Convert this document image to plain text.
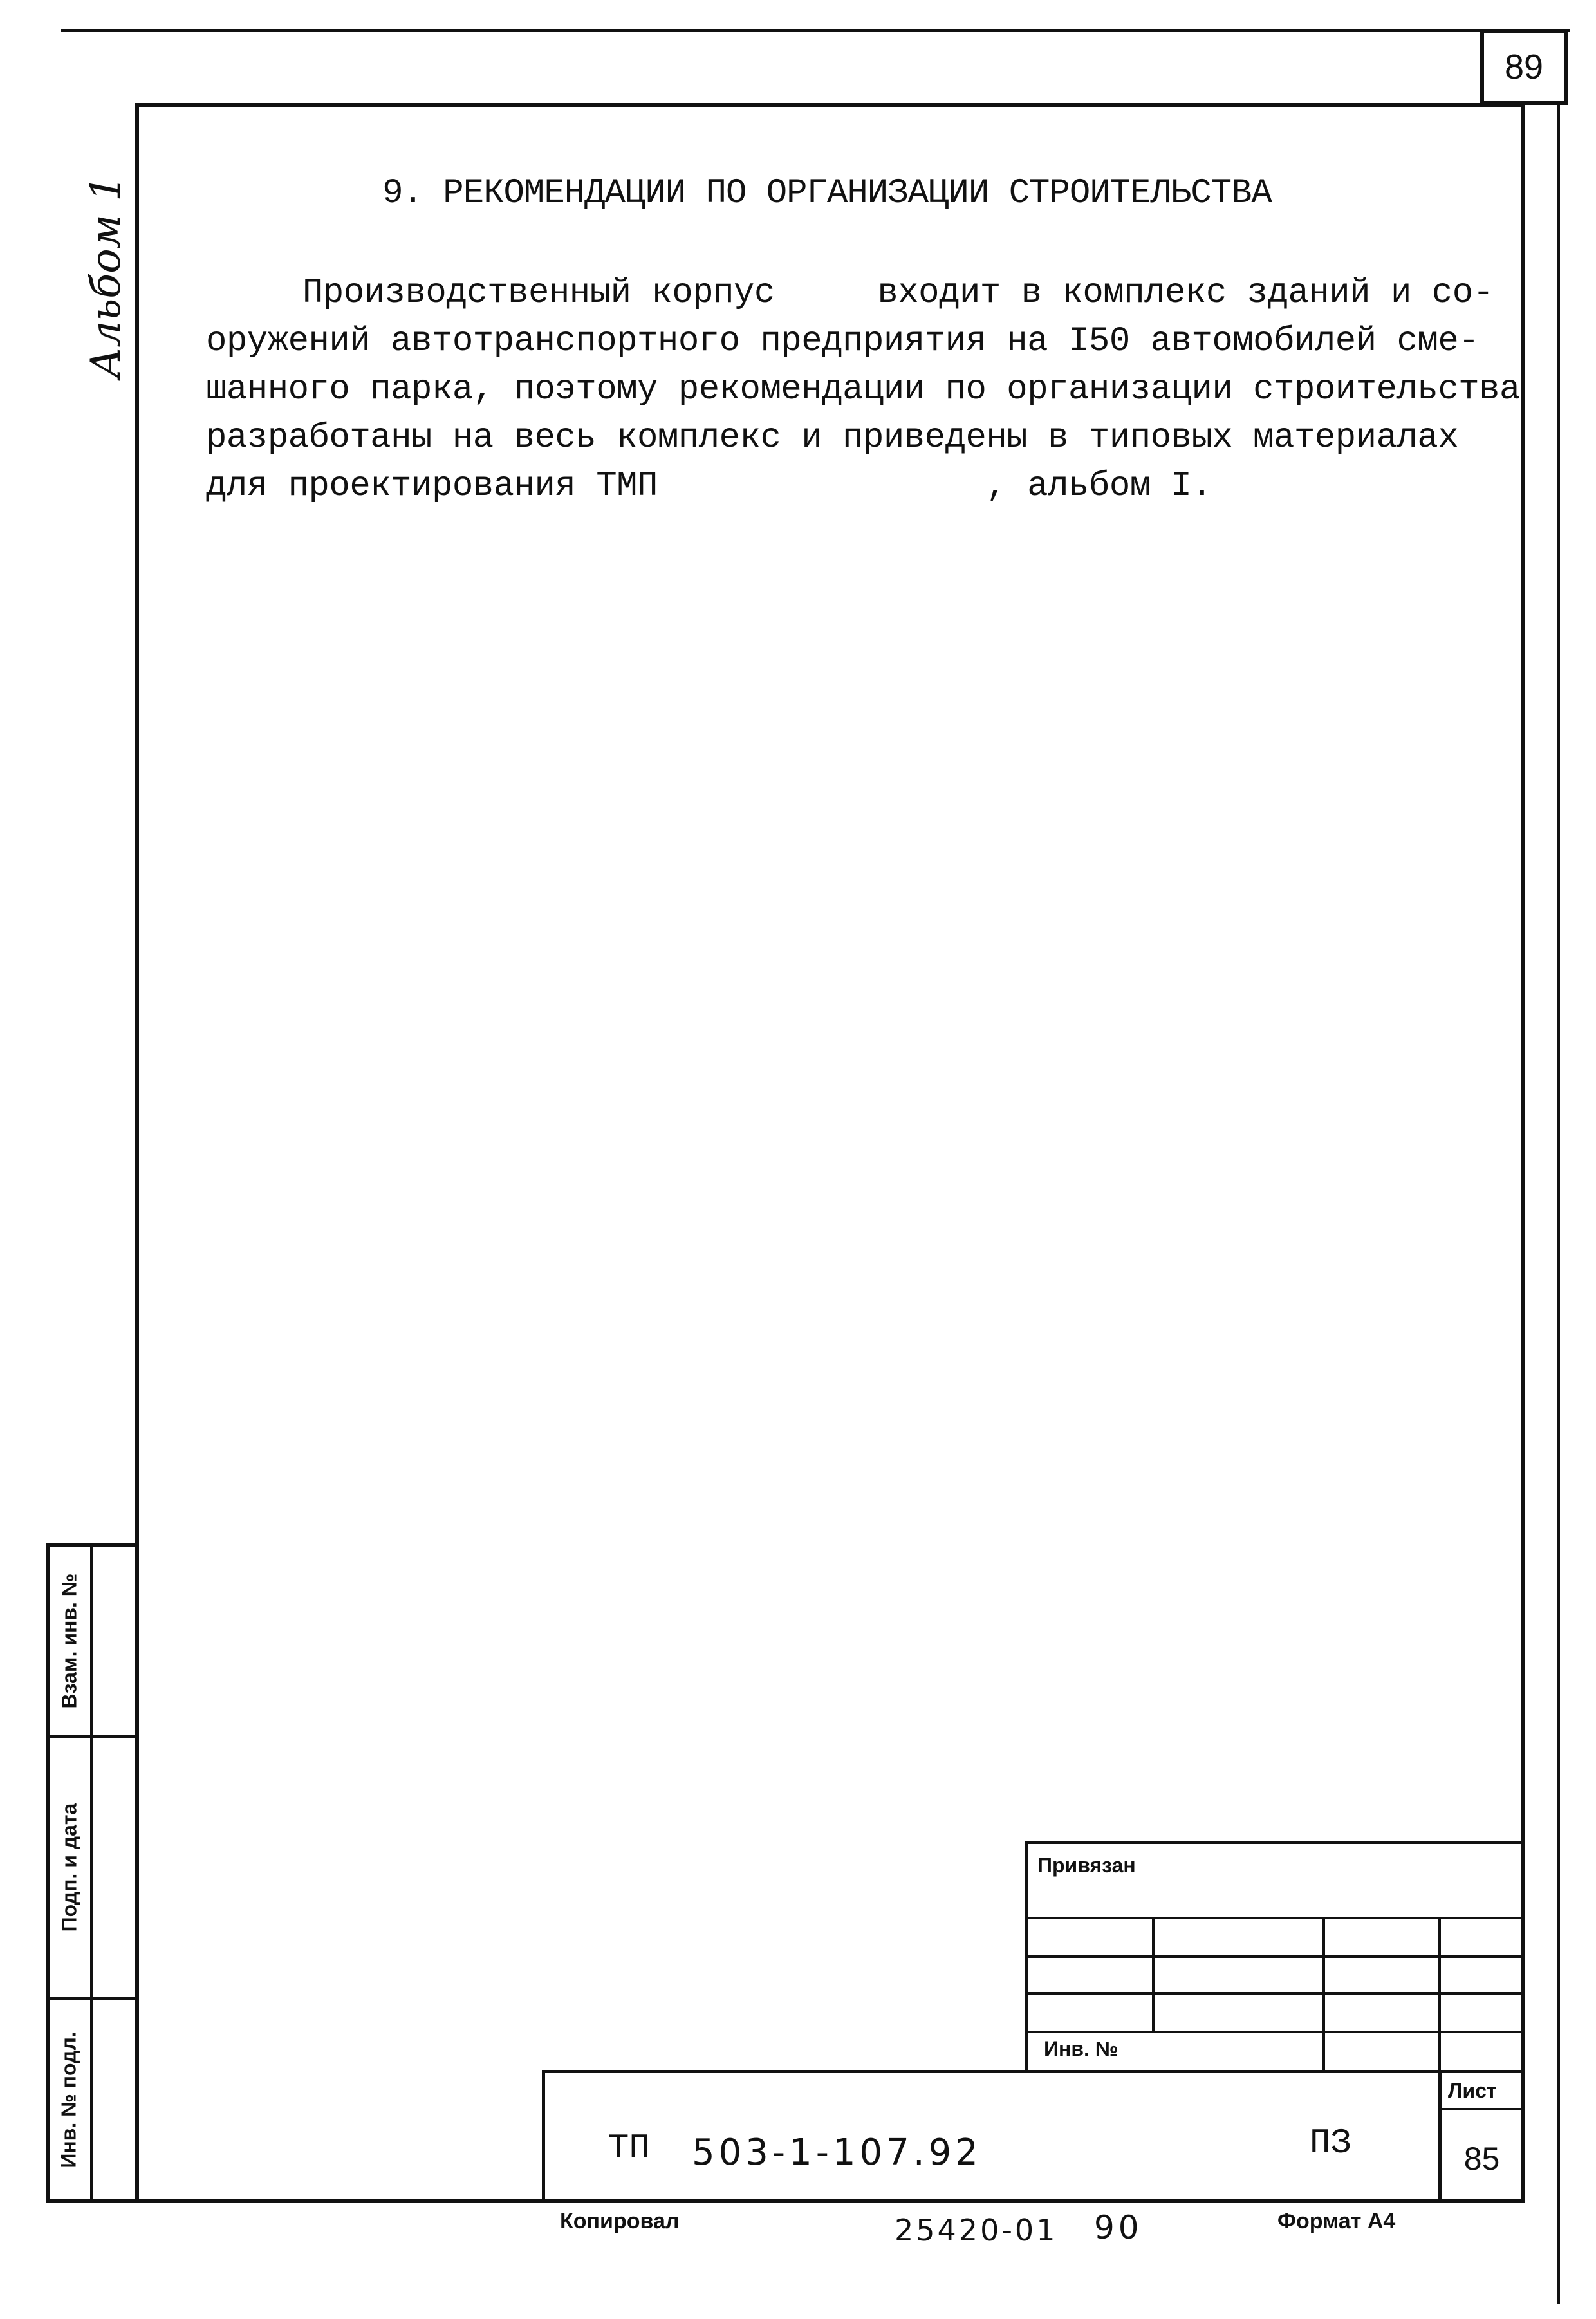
89
Альбом 1	9. РЕКОМЕНДАЦИИ ПО ОРГАНИЗАЦИИ СТРОИТЕЛЬСТВА
Производственный корпус     входит в комплекс зданий и со-
оружений автотранспортного предприятия на I50 автомобилей сме-
шанного парка, поэтому рекомендации по организации строительства
разработаны на весь комплекс и приведены в типовых материалах
для проектирования ТМП                , альбом I.
Взам. инв. №
Подп. и дата
Инв. № подл.
Привязан
Инв. №
Лист
85
ТП 503-1-107.92	ПЗ
Копировал	25420-01 90	Формат А4
